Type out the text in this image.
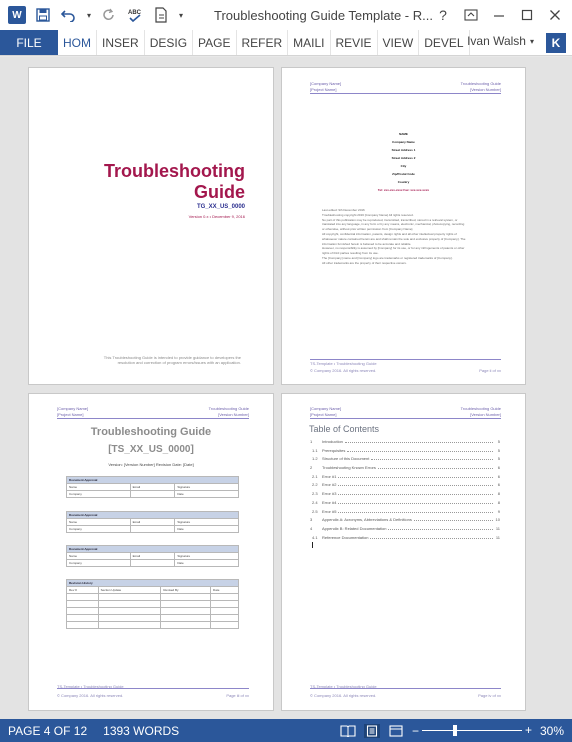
W	▾	ABC	▾ Troubleshooting Guide Template - R... ?
FILE	HOM INSER DESIG PAGE REFER MAILI REVIE VIEW DEVEL Ivan Walsh ▾	K
Troubleshooting
Guide
TG_XX_US_0000
Version 0.x • December 9, 2016
This Troubleshooting Guide is intended to provide guidance to developers the
resolution and correction of program errors/issues with an application.
[Company Name]
[Project Name]
Troubleshooting Guide
[Version Number]
NAME
Company Name
Street Address 1
Street Address 2
City
Zip/Postal Code
Country
Tel: xxx-xxx-xxxx Fax: xxx-xxx-xxxx
Last edited: 9th December 2016
Troubleshooting copyright 2016 [Company Name] All rights reserved.
No part of this publication may be reproduced, transmitted, transcribed, stored in a retrieval system, or
translated into any language, in any form or by any means, electronic, mechanical, photocopying, recording
or otherwise, without prior written permission from [Company Name].
All copyright, confidential information, patents, design rights and all other intellectual property rights of
whatsoever nature contained herein are and shall remain the sole and exclusive property of [Company]. The
information furnished herein is believed to be accurate and reliable.
However, no responsibility is assumed by [Company] for its use, or for any infringements of patents or other
rights of third parties resulting from its use.
The [Company] name and [Company] logo are trademarks or registered trademarks of [Company].
All other trademarks are the property of their respective owners.
TS-Template • Troubleshooting Guide
© Company 2016. All rights reserved.	Page ii of xx
[Company Name]
[Project Name]
Troubleshooting Guide
[Version Number]
Troubleshooting Guide
[TS_XX_US_0000]
Version: [Version Number] Revision Date: [Date]
Document Approval		
Name	Email	Signature
Company		Date
Document Approval		
Name	Email	Signature
Company		Date
Document Approval		
Name	Email	Signature
Company		Date
Revision History			
Rev #	Section Update	Revised By	Date

TS-Template • Troubleshooting Guide
© Company 2016. All rights reserved.	Page iii of xx
[Company Name]
[Project Name]
Troubleshooting Guide
[Version Number]
Table of Contents
1	Introduction	5
1.1	Prerequisites	5
1.2	Structure of this Document	5
2	Troubleshooting Known Errors	6
2.1	Error #1	6
2.2	Error #2	6
2.3	Error #3	8
2.4	Error #4	8
2.5	Error #5	9
3	Appendix A: Acronyms, Abbreviations & Definitions	10
4	Appendix B: Related Documentation	11
4.1	Reference Documentation	11
TS-Template • Troubleshooting Guide
© Company 2016. All rights reserved.	Page iv of xx
PAGE 4 OF 12	1393 WORDS	−	+ 30%
